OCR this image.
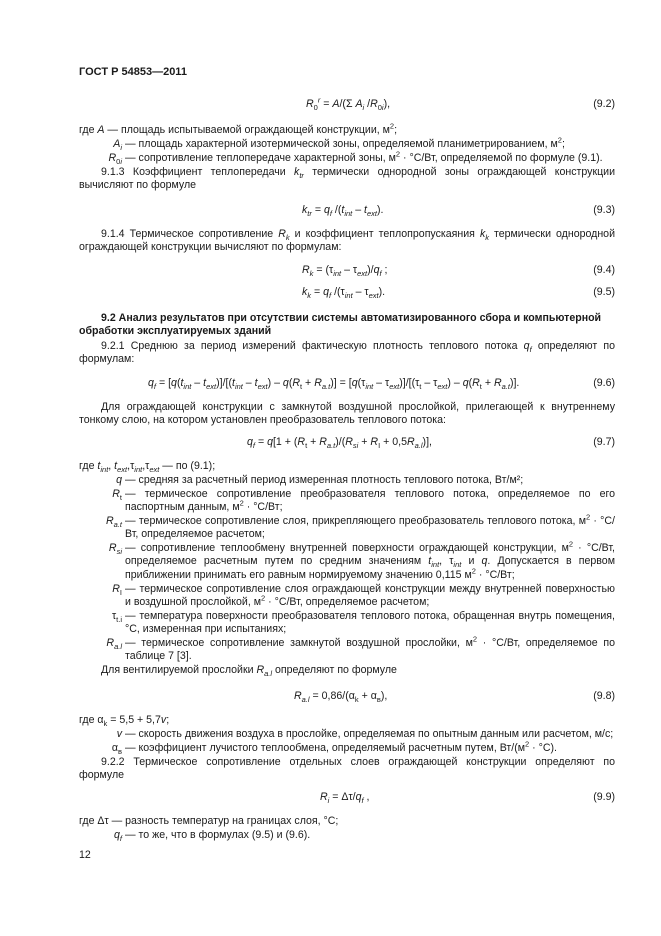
ГОСТ Р 54853—2011
$R_0^r = A/(\Sigma$ $A_i$ $/R_{0i}$),	(9.2)
где A — площадь испытываемой ограждающей конструкции, $м^2$;
$A_i$ — площадь характерной изотермической зоны, определяемой планиметрированием, $м^2$;
$R_{0i}$ — сопротивление теплопередаче характерной зоны, $м^2 \cdot ^\circ С/Вт$, определяемой по формуле (9.1).
9.1.3 Коэффициент теплопередачи $k_{tr}$ термически однородной зоны ограждающей конструкции вычисляют по формуле
$k_{tr} = q_f$ $/(t_{int} - t_{ext})$.	(9.3)
9.1.4 Термическое сопротивление $R_k$ и коэффициент теплопропускаяния $k_k$ термически однородной ограждающей конструкции вычисляют по формулам:
$R_k = (\tau_{int} - \tau_{ext})/q_f$ ;	(9.4)
$k_k = q_f$ $/(\tau_{int} - \tau_{ext})$.	(9.5)
9.2 Анализ результатов при отсутствии системы автоматизированного сбора и компьютерной обработки эксплуатируемых зданий
9.2.1 Среднюю за период измерений фактическую плотность теплового потока $q_f$ определяют по формулам:
$q_f = [q(t_{int} - t_{ext})]/[(t_{int} - t_{ext}) - q(R_t + R_{a.t})] = [q(\tau_{int} - \tau_{ext})]/[(\tau_t - \tau_{ext}) - q(R_t + R_{a.t})]$.	(9.6)
Для ограждающей конструкции с замкнутой воздушной прослойкой, прилегающей к внутреннему тонкому слою, на котором установлен преобразователь теплового потока:
$q_f = q[1 + (R_t + R_{a.t})/(R_{si} + R_I + 0,5R_{a.l})]$,	(9.7)
где $t_{int}$, $t_{ext},\tau_{int},\tau_{ext}$ — по (9.1);
q — средняя за расчетный период измеренная плотность теплового потока, Вт/м²;
$R_t$ — термическое сопротивление преобразователя теплового потока, определяемое по его паспортным данным, $м^2 \cdot ^\circ С/Вт$;
$R_{a.t}$ — термическое сопротивление слоя, прикрепляющего преобразователь теплового потока, $м^2 \cdot ^\circ С/Вт$, определяемое расчетом;
$R_{si}$ — сопротивление теплообмену внутренней поверхности ограждающей конструкции, $м^2 \cdot ^\circ С/Вт$, определяемое расчетным путем по средним значениям $t_{int}$, $\tau_{int}$ и q. Допускается в первом приближении принимать его равным нормируемому значению 0,115 $м^2 \cdot ^\circ С/Вт$;
$R_I$ — термическое сопротивление слоя ограждающей конструкции между внутренней поверхностью и воздушной прослойкой, $м^2 \cdot ^\circ С/Вт$, определяемое расчетом;
$\tau_{t.i}$ — температура поверхности преобразователя теплового потока, обращенная внутрь помещения, °С, измеренная при испытаниях;
$R_{a.l}$ — термическое сопротивление замкнутой воздушной прослойки, $м^2 \cdot ^\circ С/Вт$, определяемое по таблице 7 [3].
Для вентилируемой прослойки $R_{a.l}$ определяют по формуле
$R_{a.l} = 0,86/(\alpha_k + \alpha_в)$,	(9.8)
где $\alpha_k = 5,5 + 5,7v$;
v — скорость движения воздуха в прослойке, определяемая по опытным данным или расчетом, м/с;
$\alpha_в$ — коэффициент лучистого теплообмена, определяемый расчетным путем, $Вт/(м^2 \cdot ^\circ С)$.
9.2.2 Термическое сопротивление отдельных слоев ограждающей конструкции определяют по формуле
$R_i = \Delta\tau/q_f$ ,	(9.9)
где Δτ — разность температур на границах слоя, °С;
$q_f$ — то же, что в формулах (9.5) и (9.6).
12
